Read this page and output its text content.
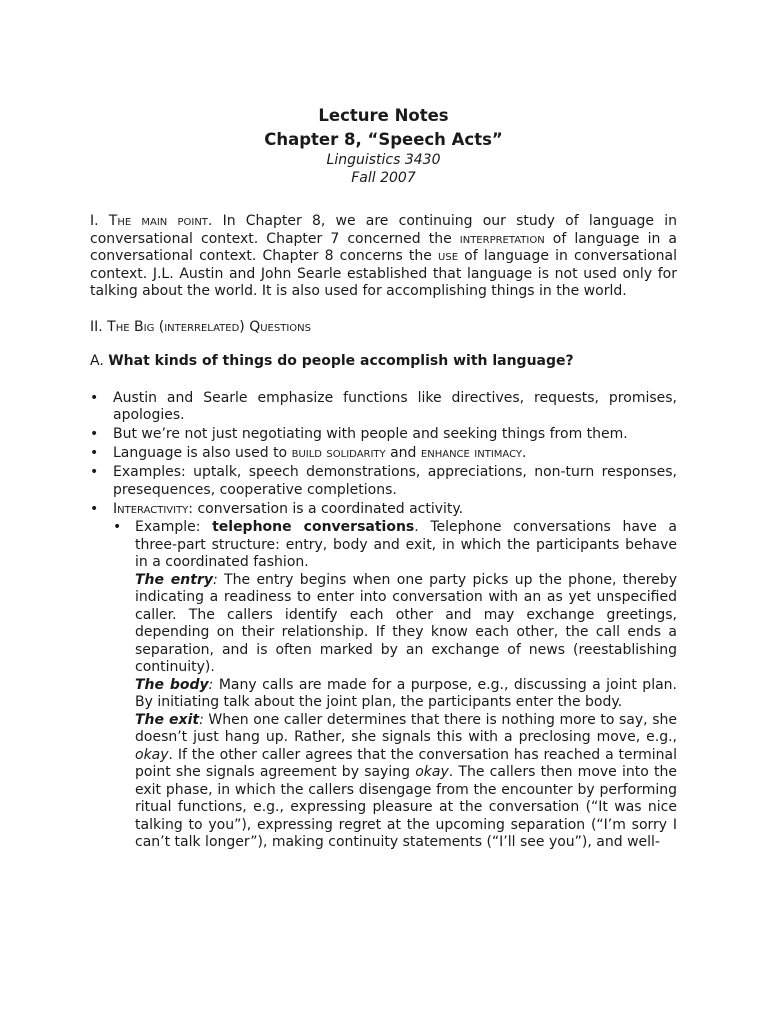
Lecture Notes
Chapter 8, “Speech Acts”
Linguistics 3430
Fall 2007

I. The main point. In Chapter 8, we are continuing our study of language in conversational context. Chapter 7 concerned the interpretation of language in a conversational context. Chapter 8 concerns the use of language in conversational context. J.L. Austin and John Searle established that language is not used only for talking about the world. It is also used for accomplishing things in the world.

II. The Big (interrelated) Questions

A. What kinds of things do people accomplish with language?

• Austin and Searle emphasize functions like directives, requests, promises, apologies.
• But we’re not just negotiating with people and seeking things from them.
• Language is also used to build solidarity and enhance intimacy.
• Examples: uptalk, speech demonstrations, appreciations, non-turn responses, presequences, cooperative completions.
• Interactivity: conversation is a coordinated activity.
• Example: telephone conversations. Telephone conversations have a three-part structure: entry, body and exit, in which the participants behave in a coordinated fashion.
The entry: The entry begins when one party picks up the phone, thereby indicating a readiness to enter into conversation with an as yet unspecified caller. The callers identify each other and may exchange greetings, depending on their relationship. If they know each other, the call ends a separation, and is often marked by an exchange of news (reestablishing continuity).
The body: Many calls are made for a purpose, e.g., discussing a joint plan. By initiating talk about the joint plan, the participants enter the body.
The exit: When one caller determines that there is nothing more to say, she doesn’t just hang up. Rather, she signals this with a preclosing move, e.g., okay. If the other caller agrees that the conversation has reached a terminal point she signals agreement by saying okay. The callers then move into the exit phase, in which the callers disengage from the encounter by performing ritual functions, e.g., expressing pleasure at the conversation (“It was nice talking to you”), expressing regret at the upcoming separation (“I’m sorry I can’t talk longer”), making continuity statements (“I’ll see you”), and well-
